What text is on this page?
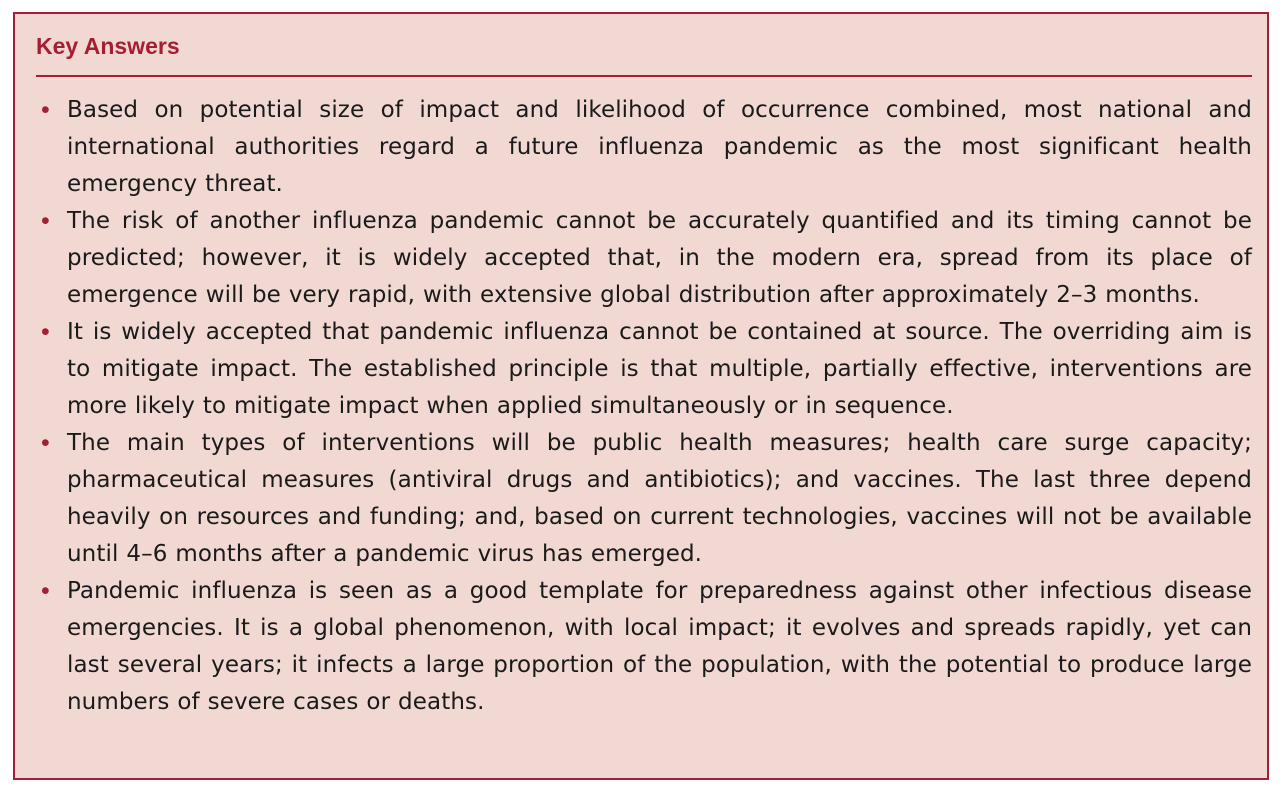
Key Answers
• Based on potential size of impact and likelihood of occurrence combined, most national and international authorities regard a future influenza pandemic as the most significant health emergency threat.
• The risk of another influenza pandemic cannot be accurately quantified and its timing cannot be predicted; however, it is widely accepted that, in the modern era, spread from its place of emergence will be very rapid, with extensive global distribution after approximately 2–3 months.
• It is widely accepted that pandemic influenza cannot be contained at source. The overriding aim is to mitigate impact. The established principle is that multiple, partially effective, interventions are more likely to mitigate impact when applied simultaneously or in sequence.
• The main types of interventions will be public health measures; health care surge capacity; pharmaceutical measures (antiviral drugs and antibiotics); and vaccines. The last three depend heavily on resources and funding; and, based on current technologies, vaccines will not be available until 4–6 months after a pandemic virus has emerged.
• Pandemic influenza is seen as a good template for preparedness against other infectious disease emergencies. It is a global phenomenon, with local impact; it evolves and spreads rapidly, yet can last several years; it infects a large proportion of the population, with the potential to produce large numbers of severe cases or deaths.
